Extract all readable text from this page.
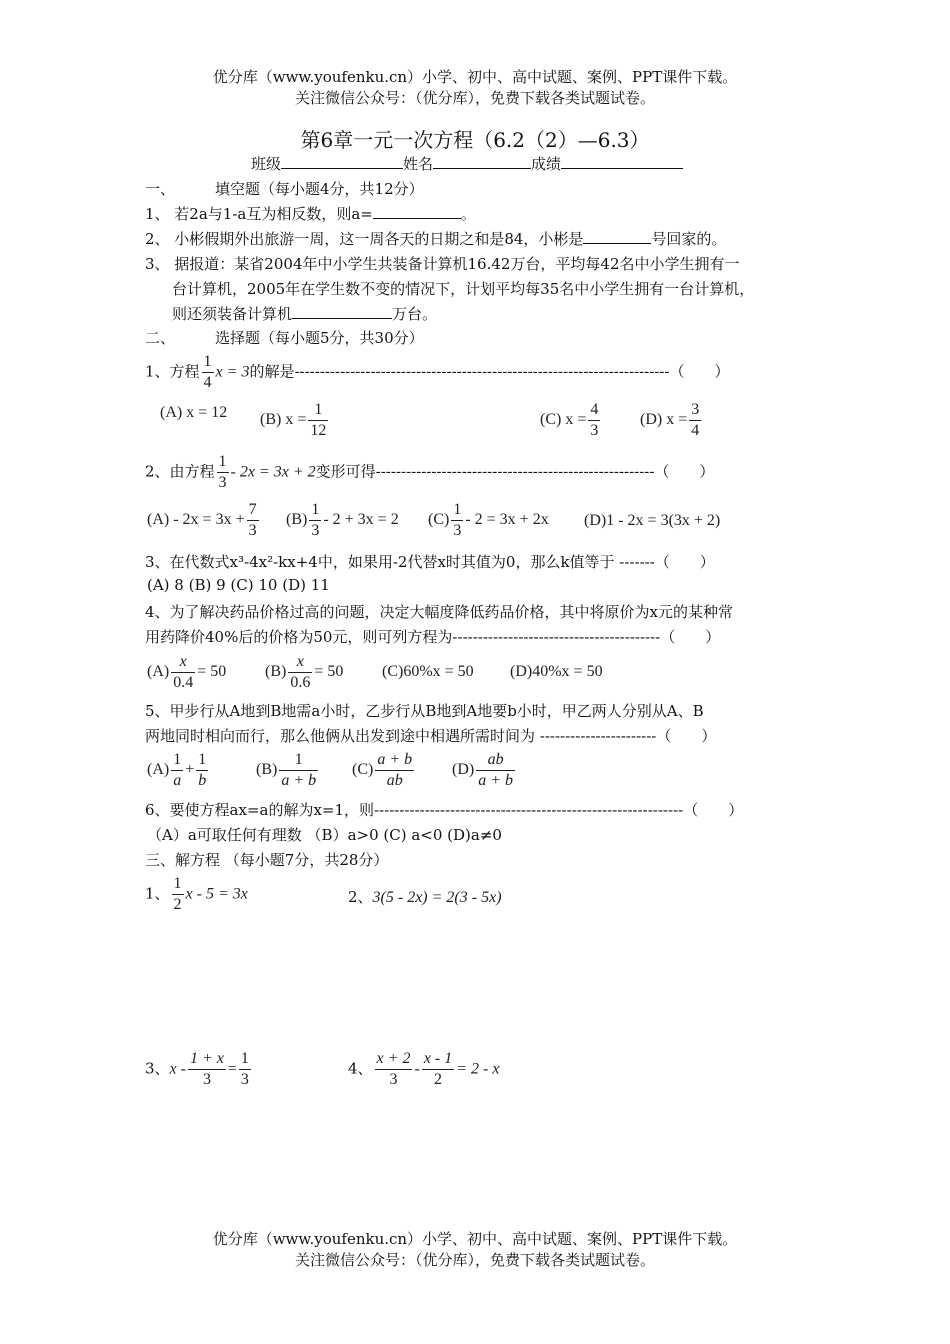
优分库（www.youfenku.cn）小学、初中、高中试题、案例、PPT课件下载。
关注微信公众号：（优分库），免费下载各类试题试卷。
第6章一元一次方程（6.2（2）—6.3）
班级	姓名	成绩
一、	填空题（每小题4分，共12分）
1、 若2a与1-a互为相反数，则a=	。
2、 小彬假期外出旅游一周，这一周各天的日期之和是84，小彬是	号回家的。
3、 据报道：某省2004年中小学生共装备计算机16.42万台，平均每42名中小学生拥有一
台计算机，2005年在学生数不变的情况下，计划平均每35名中小学生拥有一台计算机，
则还须装备计算机	万台。
二、	选择题（每小题5分，共30分）
1、方程 $\frac{1}{4}$ x = 3的解是--------------------------------------------------------------------------（　　）
(A) x = 12 (B) $x = \frac{1}{12}$	(C) $x = \frac{4}{3} (D) x = \frac{3}{4}$
2、由方程 $\frac{1}{3} - 2x = 3x + 2$变形可得-------------------------------------------------------（　　）
$(A) - 2x = 3x + \frac{7}{3} (B) \frac{1}{3} - 2 + 3x = 2$ $(C) \frac{1}{3} - 2 = 3x + 2x$ (D)1 - 2x = 3(3x + 2)
3、在代数式x³-4x²-kx+4中，如果用-2代替x时其值为0，那么k值等于 -------（　　）
(A) 8 (B) 9 (C) 10 (D) 11
4、为了解决药品价格过高的问题，决定大幅度降低药品价格，其中将原价为x元的某种常
用药降价40%后的价格为50元，则可列方程为-----------------------------------------（　　）
$(A) \frac{x}{0.4} = 50$ $(B) \frac{x}{0.6} = 50$ (C)60%x = 50 (D)40%x = 50
5、甲步行从A地到B地需a小时，乙步行从B地到A地要b小时，甲乙两人分别从A、B
两地同时相向而行，那么他俩从出发到途中相遇所需时间为 -----------------------（　　）
$(A) \frac{1}{a} + \frac{1}{b}$	$(B) \frac{1}{a + b} (C) \frac{a + b}{ab} (D) \frac{ab}{a + b}$
6、要使方程ax=a的解为x=1，则-------------------------------------------------------------（　　）
（A）a可取任何有理数 （B）a>0 (C) a<0 (D)a≠0
三、解方程 （每小题7分，共28分）
1、 $\frac{1}{2}$ x - 5 = 3x	2、3(5 - 2x) = 2(3 - 5x)
3、$x - \frac{1 + x}{3} = \frac{1}{3}$	4、 $\frac{x + 2}{3} - \frac{x - 1}{2} = 2 - x$
优分库（www.youfenku.cn）小学、初中、高中试题、案例、PPT课件下载。
关注微信公众号：（优分库），免费下载各类试题试卷。
